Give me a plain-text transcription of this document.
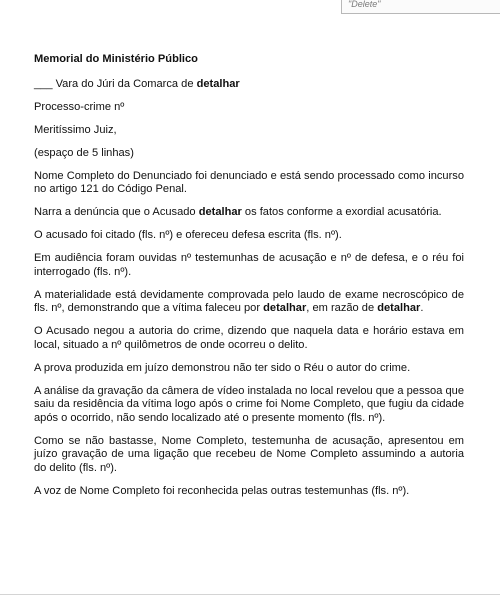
"Delete"

Memorial do Ministério Público

___ Vara do Júri da Comarca de detalhar

Processo-crime nº

Meritíssimo Juiz,

(espaço de 5 linhas)

Nome Completo do Denunciado foi denunciado e está sendo processado como incurso no artigo 121 do Código Penal.

Narra a denúncia que o Acusado detalhar os fatos conforme a exordial acusatória.

O acusado foi citado (fls. nº) e ofereceu defesa escrita (fls. nº).

Em audiência foram ouvidas nº testemunhas de acusação e nº de defesa, e o réu foi interrogado (fls. nº).

A materialidade está devidamente comprovada pelo laudo de exame necroscópico de fls. nº, demonstrando que a vítima faleceu por detalhar, em razão de detalhar.

O Acusado negou a autoria do crime, dizendo que naquela data e horário estava em local, situado a nº quilômetros de onde ocorreu o delito.

A prova produzida em juízo demonstrou não ter sido o Réu o autor do crime.

A análise da gravação da câmera de vídeo instalada no local revelou que a pessoa que saiu da residência da vítima logo após o crime foi Nome Completo, que fugiu da cidade após o ocorrido, não sendo localizado até o presente momento (fls. nº).

Como se não bastasse, Nome Completo, testemunha de acusação, apresentou em juízo gravação de uma ligação que recebeu de Nome Completo assumindo a autoria do delito (fls. nº).

A voz de Nome Completo foi reconhecida pelas outras testemunhas (fls. nº).
